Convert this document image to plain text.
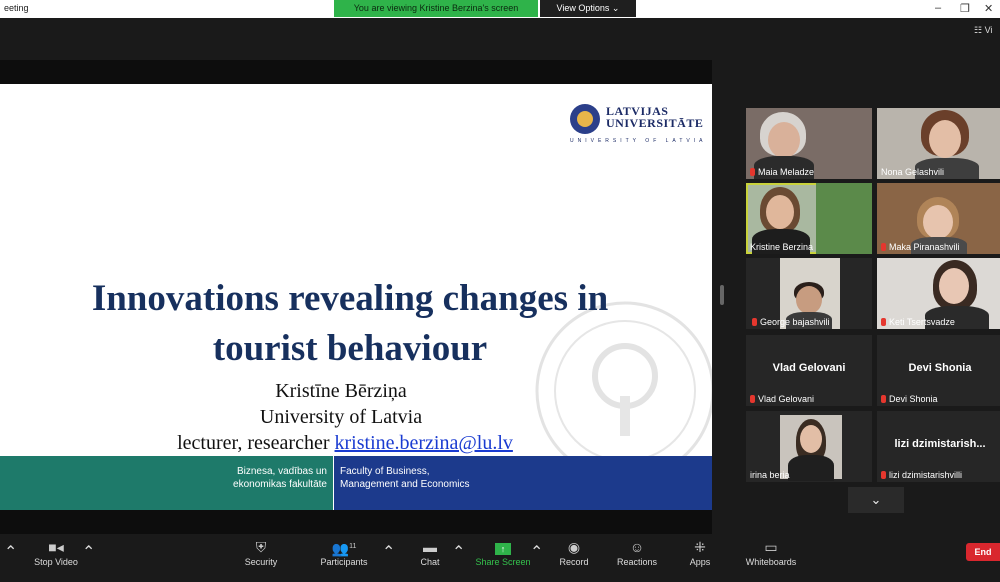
eeting	You are viewing Kristine Berzina's screen	View Options ⌄	– ❐ ✕
☷ Vi
LATVIJAS
UNIVERSITĀTE
UNIVERSITY OF LATVIA
Innovations revealing changes in
tourist behaviour
Kristīne Bērziņa
University of Latvia
lecturer, researcher kristine.berzina@lu.lv
Biznesa, vadības un
ekonomikas fakultāte
Faculty of Business,
Management and Economics
Maia Meladze	Nona Gelashvili
Kristine Berzina	Maka Piranashvili
George bajashvili	Keti Tsertsvadze
Vlad Gelovani
Vlad Gelovani
Devi Shonia
Devi Shonia
irina beria
lizi dzimistarish...
lizi dzimistarishvilli
⌄
⌃	■◂
Stop Video
⌃	⛨
Security
👥$^{11}$
Participants
⌃	▬
Chat
⌃	↑
Share Screen
⌃	◉
Record
☺
Reactions
⁜
Apps
▭
Whiteboards
End
